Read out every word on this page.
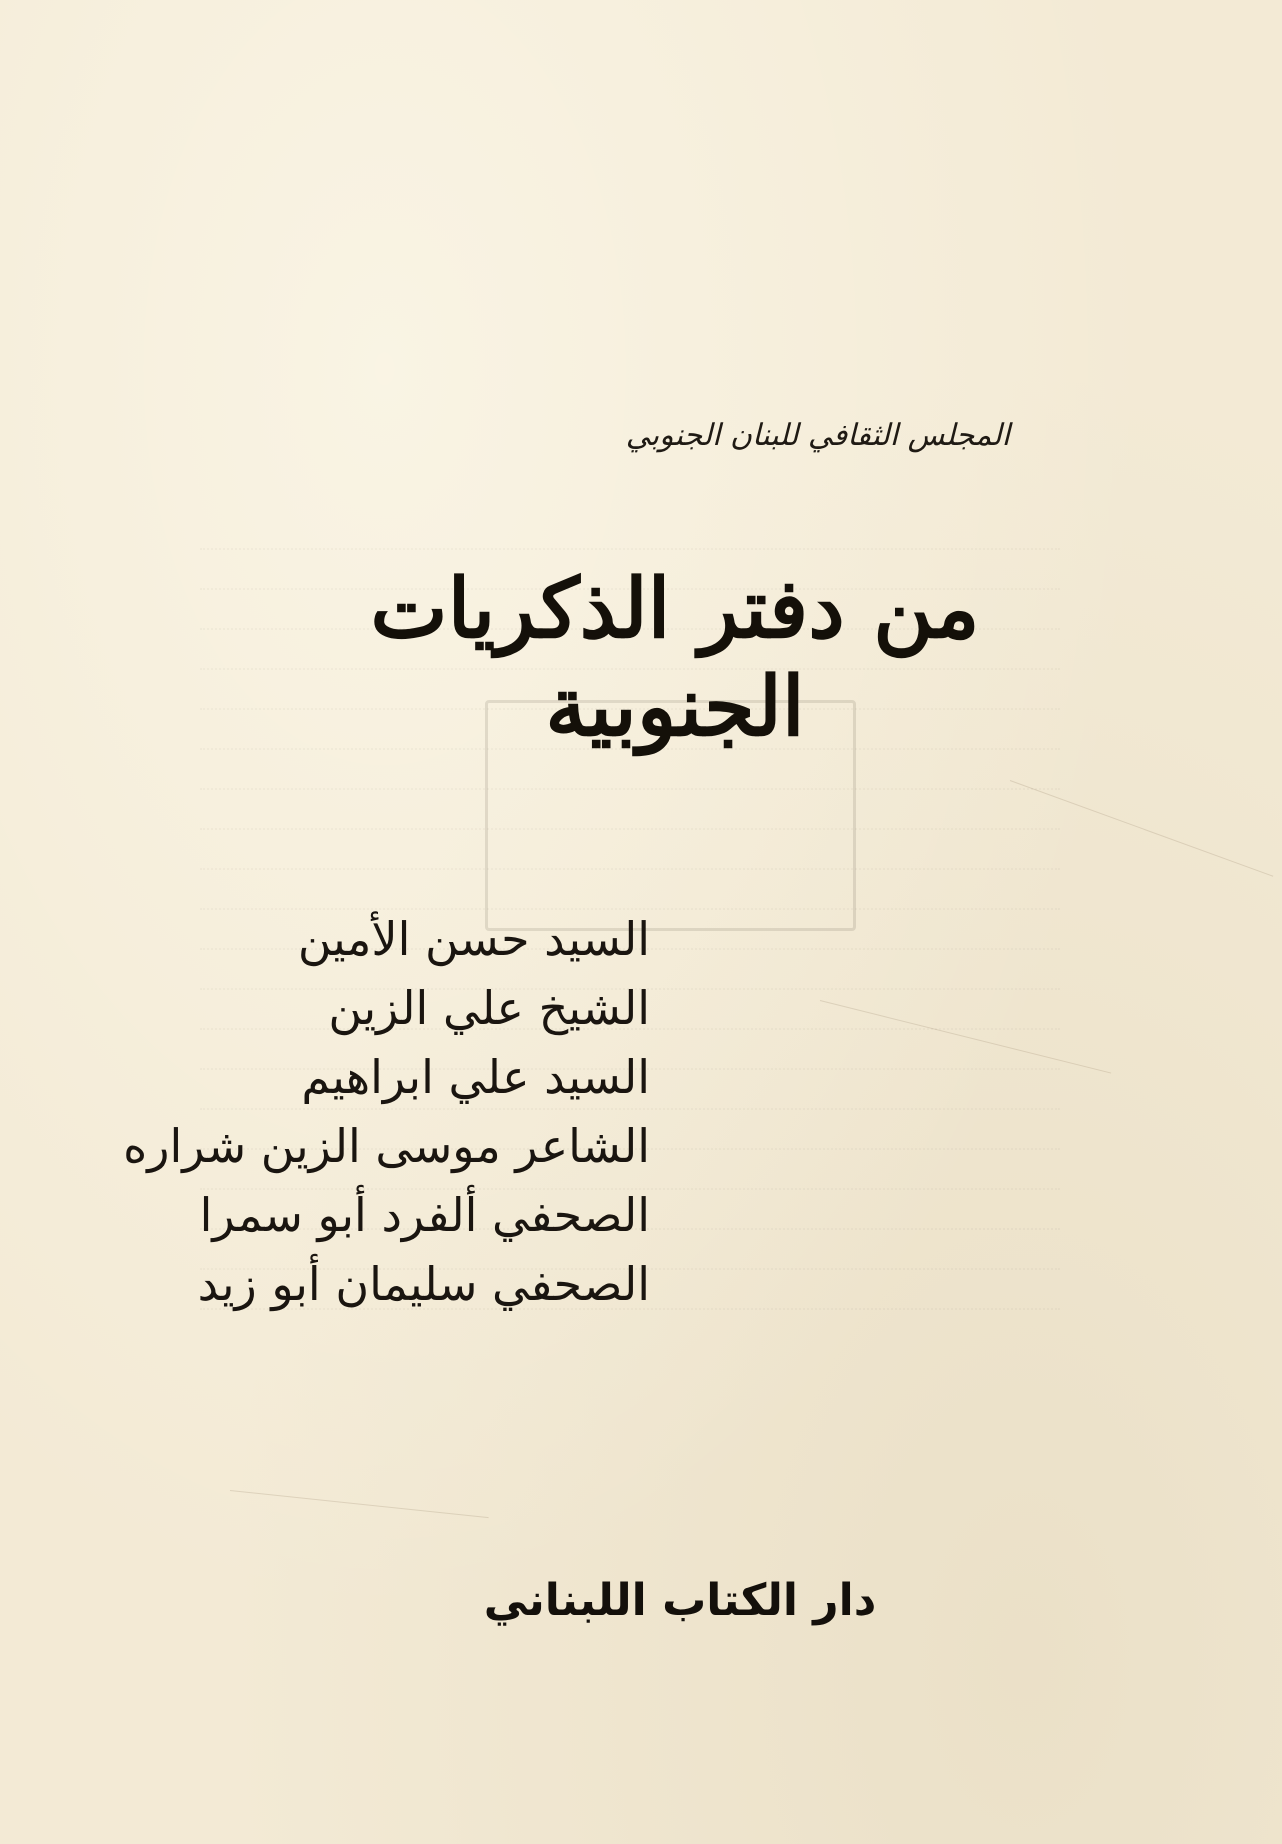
المجلس الثقافي للبنان الجنوبي
من دفتر الذكريات الجنوبية
السيد حسن الأمين
الشيخ علي الزين
السيد علي ابراهيم
الشاعر موسى الزين شراره
الصحفي ألفرد أبو سمرا
الصحفي سليمان أبو زيد
دار الكتاب اللبناني
